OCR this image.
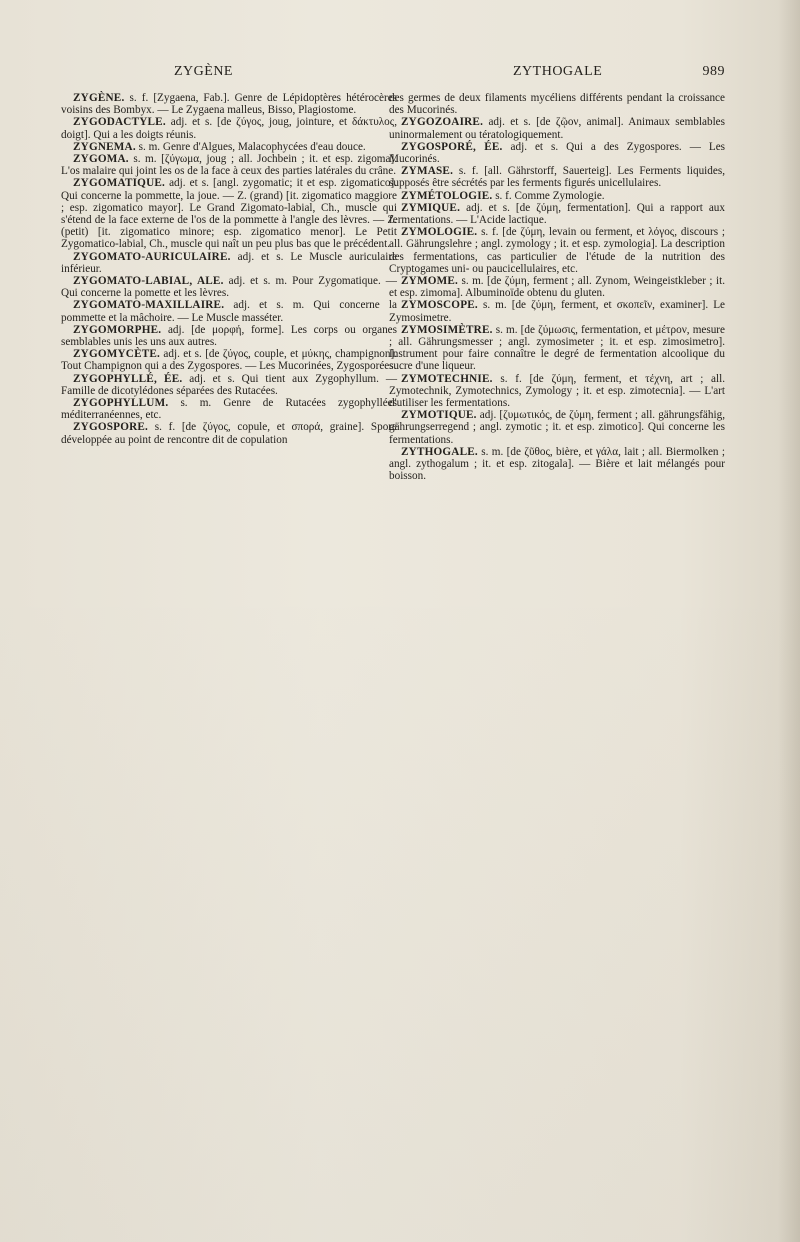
ZYGÈNE	ZYTHOGALE	989

ZYGÈNE. s. f. [Zygaena, Fab.]. Genre de Lépidoptères hétérocères voisins des Bombyx. — Le Zygaena malleus, Bisso, Plagiostome.

ZYGODACTYLE. adj. et s. [de ζύγος, joug, jointure, et δάκτυλος, doigt]. Qui a les doigts réunis.

ZYGNEMA. s. m. Genre d'Algues, Malacophycées d'eau douce.

ZYGOMA. s. m. [ζύγωμα, joug ; all. Jochbein ; it. et esp. zigoma]. L'os malaire qui joint les os de la face à ceux des parties latérales du crâne.

ZYGOMATIQUE. adj. et s. [angl. zygomatic; it et esp. zigomatico]. Qui concerne la pommette, la joue. — Z. (grand) [it. zigomatico maggiore ; esp. zigomatico mayor]. Le Grand Zigomato-labial, Ch., muscle qui s'étend de la face externe de l'os de la pommette à l'angle des lèvres. — Z. (petit) [it. zigomatico minore; esp. zigomatico menor]. Le Petit Zygomatico-labial, Ch., muscle qui naît un peu plus bas que le précédent.

ZYGOMATO-AURICULAIRE. adj. et s. Le Muscle auriculaire inférieur.

ZYGOMATO-LABIAL, ALE. adj. et s. m. Pour Zygomatique. — Qui concerne la pomette et les lèvres.

ZYGOMATO-MAXILLAIRE. adj. et s. m. Qui concerne la pommette et la mâchoire. — Le Muscle masséter.

ZYGOMORPHE. adj. [de μορφή, forme]. Les corps ou organes semblables unis les uns aux autres.

ZYGOMYCÈTE. adj. et s. [de ζύγος, couple, et μύκης, champignon]. Tout Champignon qui a des Zygospores. — Les Mucorinées, Zygosporées.

ZYGOPHYLLÉ, ÉE. adj. et s. Qui tient aux Zygophyllum. — Famille de dicotylédones séparées des Rutacées.

ZYGOPHYLLUM. s. m. Genre de Rutacées zygophyllées méditerranéennes, etc.

ZYGOSPORE. s. f. [de ζύγος, copule, et σπορά, graine]. Spore développée au point de rencontre dit de copulation

des germes de deux filaments mycéliens différents pendant la croissance des Mucorinés.

ZYGOZOAIRE. adj. et s. [de ζῷον, animal]. Animaux semblables uninormalement ou tératologiquement.

ZYGOSPORÉ, ÉE. adj. et s. Qui a des Zygospores. — Les Mucorinés.

ZYMASE. s. f. [all. Gährstorff, Sauerteig]. Les Ferments liquides, supposés être sécrétés par les ferments figurés unicellulaires.

ZYMÉTOLOGIE. s. f. Comme Zymologie.

ZYMIQUE. adj. et s. [de ζύμη, fermentation]. Qui a rapport aux fermentations. — L'Acide lactique.

ZYMOLOGIE. s. f. [de ζύμη, levain ou ferment, et λόγος, discours ; all. Gährungslehre ; angl. zymology ; it. et esp. zymologia]. La description des fermentations, cas particulier de l'étude de la nutrition des Cryptogames uni- ou paucicellulaires, etc.

ZYMOME. s. m. [de ζύμη, ferment ; all. Zynom, Weingeistkleber ; it. et esp. zimoma]. Albuminoïde obtenu du gluten.

ZYMOSCOPE. s. m. [de ζύμη, ferment, et σκοπεῖν, examiner]. Le Zymosimetre.

ZYMOSIMÈTRE. s. m. [de ζύμωσις, fermentation, et μέτρον, mesure ; all. Gährungsmesser ; angl. zymosimeter ; it. et esp. zimosimetro]. Instrument pour faire connaître le degré de fermentation alcoolique du sucre d'une liqueur.

ZYMOTECHNIE. s. f. [de ζύμη, ferment, et τέχνη, art ; all. Zymotechnik, Zymotechnics, Zymology ; it. et esp. zimotecnia]. — L'art d'utiliser les fermentations.

ZYMOTIQUE. adj. [ζυμωτικός, de ζύμη, ferment ; all. gährungsfähig, gährungserregend ; angl. zymotic ; it. et esp. zimotico]. Qui concerne les fermentations.

ZYTHOGALE. s. m. [de ζῦθος, bière, et γάλα, lait ; all. Biermolken ; angl. zythogalum ; it. et esp. zitogala]. — Bière et lait mélangés pour boisson.
